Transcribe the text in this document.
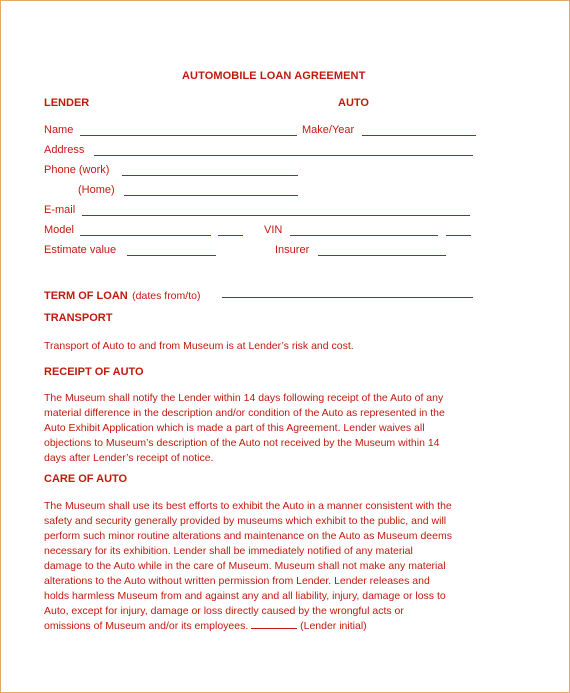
AUTOMOBILE LOAN AGREEMENT
LENDER	AUTO
Name	Make/Year
Address
Phone (work)
(Home)
E-mail
Model	VIN
Estimate value	Insurer
TERM OF LOAN (dates from/to)
TRANSPORT
Transport of Auto to and from Museum is at Lender’s risk and cost.
RECEIPT OF AUTO
The Museum shall notify the Lender within 14 days following receipt of the Auto of any
material difference in the description and/or condition of the Auto as represented in the
Auto Exhibit Application which is made a part of this Agreement. Lender waives all
objections to Museum’s description of the Auto not received by the Museum within 14
days after Lender’s receipt of notice.
CARE OF AUTO
The Museum shall use its best efforts to exhibit the Auto in a manner consistent with the
safety and security generally provided by museums which exhibit to the public, and will
perform such minor routine alterations and maintenance on the Auto as Museum deems
necessary for its exhibition. Lender shall be immediately notified of any material
damage to the Auto while in the care of Museum. Museum shall not make any material
alterations to the Auto without written permission from Lender. Lender releases and
holds harmless Museum from and against any and all liability, injury, damage or loss to
Auto, except for injury, damage or loss directly caused by the wrongful acts or
omissions of Museum and/or its employees.	(Lender initial)
